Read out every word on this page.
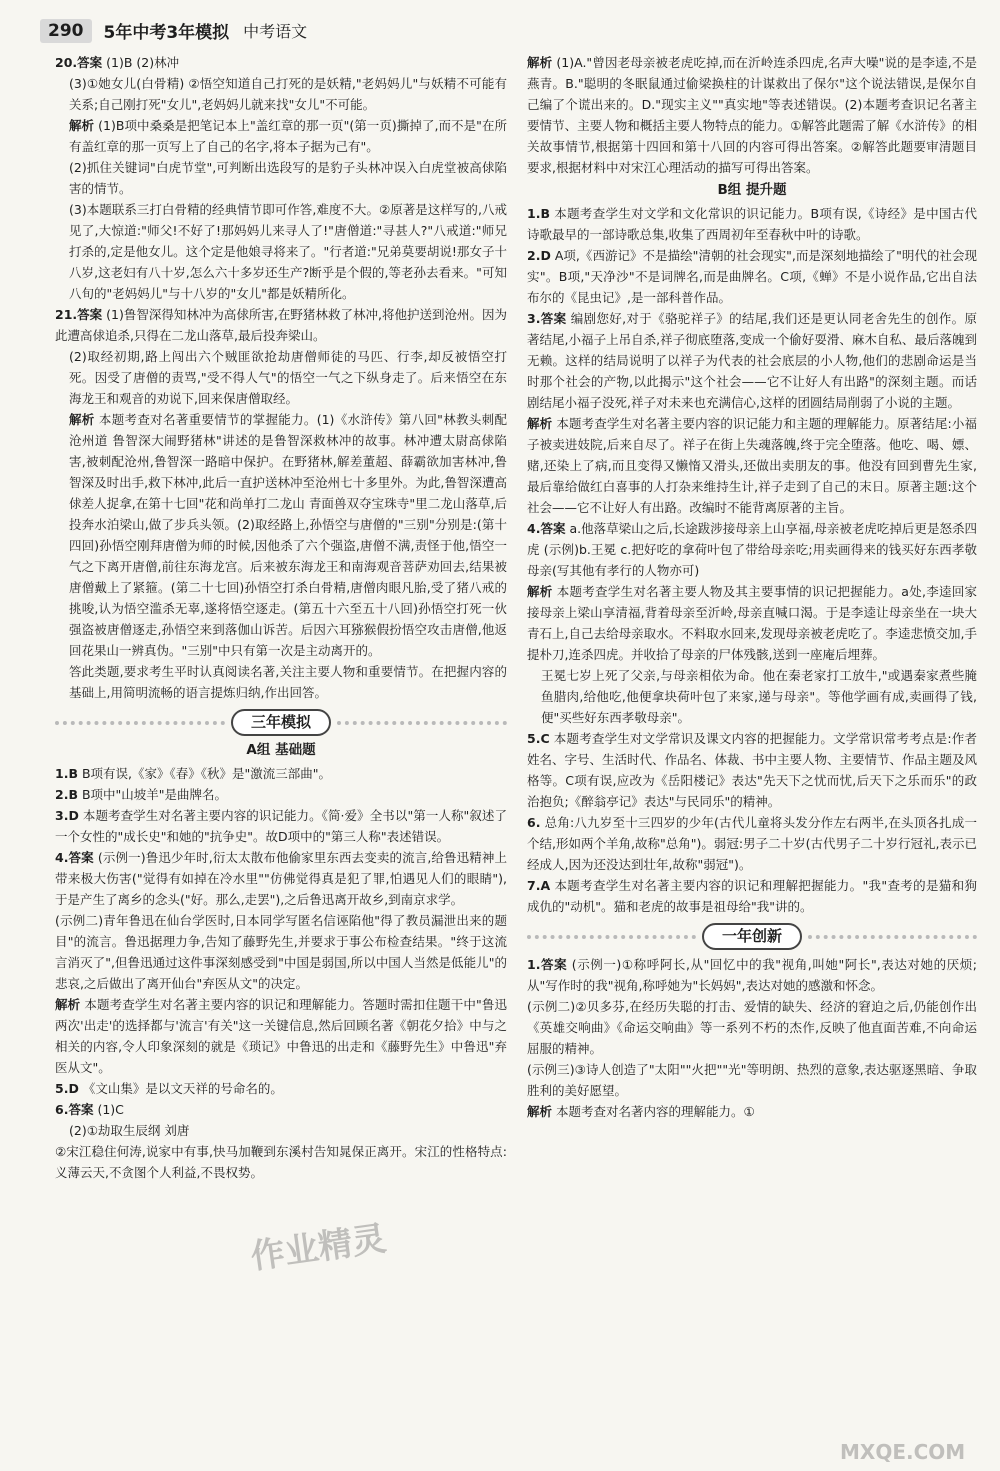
290	5年中考3年模拟 中考语文

20.答案 (1)B (2)林冲

(3)①她女儿(白骨精) ②悟空知道自己打死的是妖精,"老妈妈儿"与妖精不可能有关系;自己刚打死"女儿",老妈妈儿就来找"女儿"不可能。

解析 (1)B项中桑桑是把笔记本上"盖红章的那一页"(第一页)撕掉了,而不是"在所有盖红章的那一页写上了自己的名字,将本子据为己有"。

(2)抓住关键词"白虎节堂",可判断出选段写的是豹子头林冲误入白虎堂被高俅陷害的情节。

(3)本题联系三打白骨精的经典情节即可作答,难度不大。②原著是这样写的,八戒见了,大惊道:"师父!不好了!那妈妈儿来寻人了!"唐僧道:"寻甚人?"八戒道:"师兄打杀的,定是他女儿。这个定是他娘寻将来了。"行者道:"兄弟莫要胡说!那女子十八岁,这老妇有八十岁,怎么六十多岁还生产?断乎是个假的,等老孙去看来。"可知八旬的"老妈妈儿"与十八岁的"女儿"都是妖精所化。

21.答案 (1)鲁智深得知林冲为高俅所害,在野猪林救了林冲,将他护送到沧州。因为此遭高俅追杀,只得在二龙山落草,最后投奔梁山。

(2)取经初期,路上闯出六个贼匪欲抢劫唐僧师徒的马匹、行李,却反被悟空打死。因受了唐僧的责骂,"受不得人气"的悟空一气之下纵身走了。后来悟空在东海龙王和观音的劝说下,回来保唐僧取经。

解析 本题考查对名著重要情节的掌握能力。(1)《水浒传》第八回"林教头刺配沧州道 鲁智深大闹野猪林"讲述的是鲁智深救林冲的故事。林冲遭太尉高俅陷害,被刺配沧州,鲁智深一路暗中保护。在野猪林,解差董超、薛霸欲加害林冲,鲁智深及时出手,救下林冲,此后一直护送林冲至沧州七十多里外。为此,鲁智深遭高俅差人捉拿,在第十七回"花和尚单打二龙山 青面兽双夺宝珠寺"里二龙山落草,后投奔水泊梁山,做了步兵头领。(2)取经路上,孙悟空与唐僧的"三别"分别是:(第十四回)孙悟空刚拜唐僧为师的时候,因他杀了六个强盗,唐僧不满,责怪于他,悟空一气之下离开唐僧,前往东海龙宫。后来被东海龙王和南海观音菩萨劝回去,结果被唐僧戴上了紧箍。(第二十七回)孙悟空打杀白骨精,唐僧肉眼凡胎,受了猪八戒的挑唆,认为悟空滥杀无辜,遂将悟空逐走。(第五十六至五十八回)孙悟空打死一伙强盗被唐僧逐走,孙悟空来到落伽山诉苦。后因六耳猕猴假扮悟空攻击唐僧,他返回花果山一辨真伪。"三别"中只有第一次是主动离开的。

答此类题,要求考生平时认真阅读名著,关注主要人物和重要情节。在把握内容的基础上,用简明流畅的语言提炼归纳,作出回答。

三年模拟
A组 基础题

1.B B项有误,《家》《春》《秋》是"激流三部曲"。

2.B B项中"山坡羊"是曲牌名。

3.D 本题考查学生对名著主要内容的识记能力。《简·爱》全书以"第一人称"叙述了一个女性的"成长史"和她的"抗争史"。故D项中的"第三人称"表述错误。

4.答案 (示例一)鲁迅少年时,衍太太散布他偷家里东西去变卖的流言,给鲁迅精神上带来极大伤害("觉得有如掉在冷水里""仿佛觉得真是犯了罪,怕遇见人们的眼睛"),于是产生了离乡的念头("好。那么,走罢"),之后鲁迅离开故乡,到南京求学。

(示例二)青年鲁迅在仙台学医时,日本同学写匿名信诬陷他"得了教员漏泄出来的题目"的流言。鲁迅据理力争,告知了藤野先生,并要求于事公布检查结果。"终于这流言消灭了",但鲁迅通过这件事深刻感受到"中国是弱国,所以中国人当然是低能儿"的悲哀,之后做出了离开仙台"弃医从文"的决定。

解析 本题考查学生对名著主要内容的识记和理解能力。答题时需扣住题干中"鲁迅两次'出走'的选择都与'流言'有关"这一关键信息,然后回顾名著《朝花夕拾》中与之相关的内容,令人印象深刻的就是《琐记》中鲁迅的出走和《藤野先生》中鲁迅"弃医从文"。

5.D 《文山集》是以文天祥的号命名的。

6.答案 (1)C

(2)①劫取生辰纲 刘唐

②宋江稳住何涛,说家中有事,快马加鞭到东溪村告知晁保正离开。宋江的性格特点:义薄云天,不贪图个人利益,不畏权势。

解析 (1)A."曾因老母亲被老虎吃掉,而在沂岭连杀四虎,名声大噪"说的是李逵,不是燕青。B."聪明的冬眠鼠通过偷梁换柱的计谋救出了保尔"这个说法错误,是保尔自己编了个谎出来的。D."现实主义""真实地"等表述错误。(2)本题考查识记名著主要情节、主要人物和概括主要人物特点的能力。①解答此题需了解《水浒传》的相关故事情节,根据第十四回和第十八回的内容可得出答案。②解答此题要审清题目要求,根据材料中对宋江心理活动的描写可得出答案。

B组 提升题

1.B 本题考查学生对文学和文化常识的识记能力。B项有误,《诗经》是中国古代诗歌最早的一部诗歌总集,收集了西周初年至春秋中叶的诗歌。

2.D A项,《西游记》不是描绘"清朝的社会现实",而是深刻地描绘了"明代的社会现实"。B项,"天净沙"不是词牌名,而是曲牌名。C项,《蝉》不是小说作品,它出自法布尔的《昆虫记》,是一部科普作品。

3.答案 编剧您好,对于《骆驼祥子》的结尾,我们还是更认同老舍先生的创作。原著结尾,小福子上吊自杀,祥子彻底堕落,变成一个偷好耍滑、麻木自私、最后落魄到无赖。这样的结局说明了以祥子为代表的社会底层的小人物,他们的悲剧命运是当时那个社会的产物,以此揭示"这个社会——它不让好人有出路"的深刻主题。而话剧结尾小福子没死,祥子对未来也充满信心,这样的团圆结局削弱了小说的主题。

解析 本题考查学生对名著主要内容的识记能力和主题的理解能力。原著结尾:小福子被卖进妓院,后来自尽了。祥子在街上失魂落魄,终于完全堕落。他吃、喝、嫖、赌,还染上了病,而且变得又懒惰又滑头,还做出卖朋友的事。他没有回到曹先生家,最后靠给做红白喜事的人打杂来维持生计,祥子走到了自己的末日。原著主题:这个社会——它不让好人有出路。改编时不能背离原著的主旨。

4.答案 a.他落草梁山之后,长途跋涉接母亲上山享福,母亲被老虎吃掉后更是怒杀四虎 (示例)b.王冕 c.把好吃的拿荷叶包了带给母亲吃;用卖画得来的钱买好东西孝敬母亲(写其他有孝行的人物亦可)

解析 本题考查学生对名著主要人物及其主要事情的识记把握能力。a处,李逵回家接母亲上梁山享清福,背着母亲至沂岭,母亲直喊口渴。于是李逵让母亲坐在一块大青石上,自己去给母亲取水。不料取水回来,发现母亲被老虎吃了。李逵悲愤交加,手提朴刀,连杀四虎。并收拾了母亲的尸体残骸,送到一座庵后埋葬。

王冕七岁上死了父亲,与母亲相依为命。他在秦老家打工放牛,"或遇秦家煮些腌鱼腊肉,给他吃,他便拿块荷叶包了来家,递与母亲"。等他学画有成,卖画得了钱,便"买些好东西孝敬母亲"。

5.C 本题考查学生对文学常识及课文内容的把握能力。文学常识常考考点是:作者姓名、字号、生活时代、作品名、体裁、书中主要人物、主要情节、作品主题及风格等。C项有误,应改为《岳阳楼记》表达"先天下之忧而忧,后天下之乐而乐"的政治抱负;《醉翁亭记》表达"与民同乐"的精神。

6. 总角:八九岁至十三四岁的少年(古代儿童将头发分作左右两半,在头顶各扎成一个结,形如两个羊角,故称"总角")。弱冠:男子二十岁(古代男子二十岁行冠礼,表示已经成人,因为还没达到壮年,故称"弱冠")。

7.A 本题考查学生对名著主要内容的识记和理解把握能力。"我"查考的是猫和狗成仇的"动机"。猫和老虎的故事是祖母给"我"讲的。

一年创新

1.答案 (示例一)①称呼阿长,从"回忆中的我"视角,叫她"阿长",表达对她的厌烦;从"写作时的我"视角,称呼她为"长妈妈",表达对她的感激和怀念。

(示例二)②贝多芬,在经历失聪的打击、爱情的缺失、经济的窘迫之后,仍能创作出《英雄交响曲》《命运交响曲》等一系列不朽的杰作,反映了他直面苦难,不向命运屈服的精神。

(示例三)③诗人创造了"太阳""火把""光"等明朗、热烈的意象,表达驱逐黑暗、争取胜利的美好愿望。

解析 本题考查对名著内容的理解能力。①

作业精灵
MXQE.COM
